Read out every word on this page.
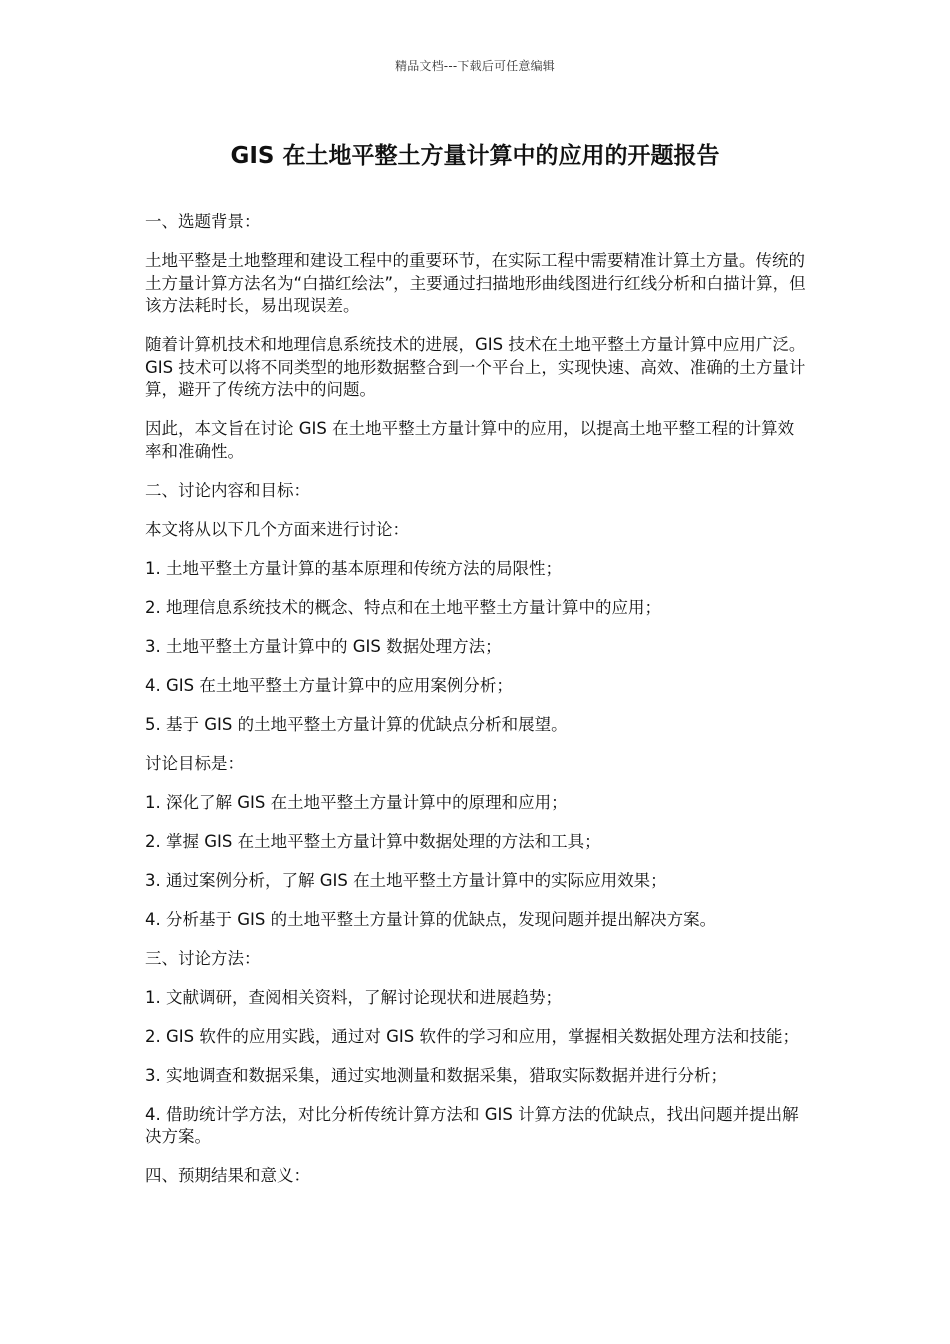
精品文档---下载后可任意编辑
GIS 在土地平整土方量计算中的应用的开题报告

一、选题背景：

土地平整是土地整理和建设工程中的重要环节，在实际工程中需要精准计算土方量。传统的土方量计算方法名为“白描红绘法”，主要通过扫描地形曲线图进行红线分析和白描计算，但该方法耗时长，易出现误差。

随着计算机技术和地理信息系统技术的进展，GIS 技术在土地平整土方量计算中应用广泛。GIS 技术可以将不同类型的地形数据整合到一个平台上，实现快速、高效、准确的土方量计算，避开了传统方法中的问题。

因此，本文旨在讨论 GIS 在土地平整土方量计算中的应用，以提高土地平整工程的计算效率和准确性。

二、讨论内容和目标：

本文将从以下几个方面来进行讨论：

1. 土地平整土方量计算的基本原理和传统方法的局限性；

2. 地理信息系统技术的概念、特点和在土地平整土方量计算中的应用；

3. 土地平整土方量计算中的 GIS 数据处理方法；

4. GIS 在土地平整土方量计算中的应用案例分析；

5. 基于 GIS 的土地平整土方量计算的优缺点分析和展望。

讨论目标是：

1. 深化了解 GIS 在土地平整土方量计算中的原理和应用；

2. 掌握 GIS 在土地平整土方量计算中数据处理的方法和工具；

3. 通过案例分析，了解 GIS 在土地平整土方量计算中的实际应用效果；

4. 分析基于 GIS 的土地平整土方量计算的优缺点，发现问题并提出解决方案。

三、讨论方法：

1. 文献调研，查阅相关资料，了解讨论现状和进展趋势；

2. GIS 软件的应用实践，通过对 GIS 软件的学习和应用，掌握相关数据处理方法和技能；

3. 实地调查和数据采集，通过实地测量和数据采集，猎取实际数据并进行分析；

4. 借助统计学方法，对比分析传统计算方法和 GIS 计算方法的优缺点，找出问题并提出解决方案。

四、预期结果和意义：
